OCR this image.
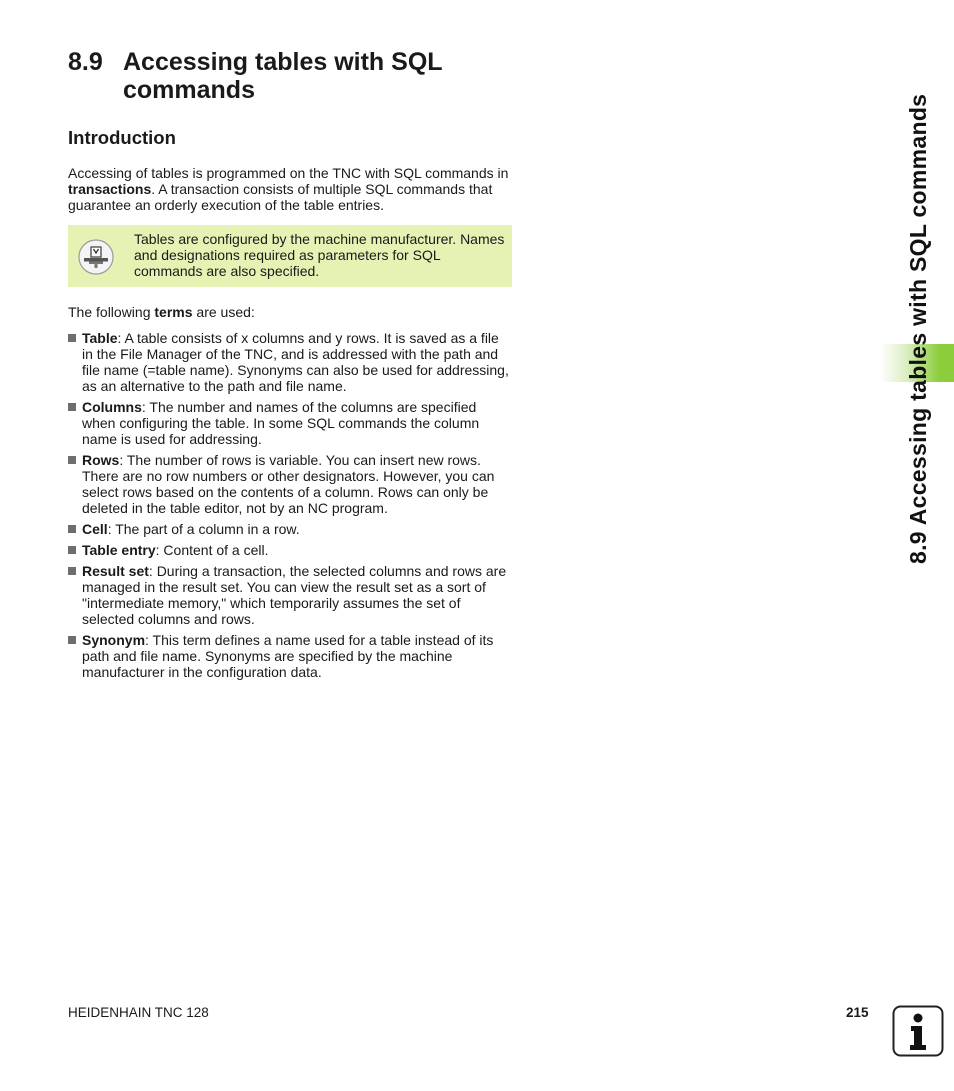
8.9 Accessing tables with SQL commands
Introduction

Accessing of tables is programmed on the TNC with SQL commands in transactions. A transaction consists of multiple SQL commands that guarantee an orderly execution of the table entries.

Tables are configured by the machine manufacturer. Names and designations required as parameters for SQL commands are also specified.

The following terms are used:

Table: A table consists of x columns and y rows. It is saved as a file in the File Manager of the TNC, and is addressed with the path and file name (=table name). Synonyms can also be used for addressing, as an alternative to the path and file name.
Columns: The number and names of the columns are specified when configuring the table. In some SQL commands the column name is used for addressing.
Rows: The number of rows is variable. You can insert new rows. There are no row numbers or other designators. However, you can select rows based on the contents of a column. Rows can only be deleted in the table editor, not by an NC program.
Cell: The part of a column in a row.
Table entry: Content of a cell.
Result set: During a transaction, the selected columns and rows are managed in the result set. You can view the result set as a sort of "intermediate memory," which temporarily assumes the set of selected columns and rows.
Synonym: This term defines a name used for a table instead of its path and file name. Synonyms are specified by the machine manufacturer in the configuration data.
8.9 Accessing tables with SQL commands
HEIDENHAIN TNC 128	215
